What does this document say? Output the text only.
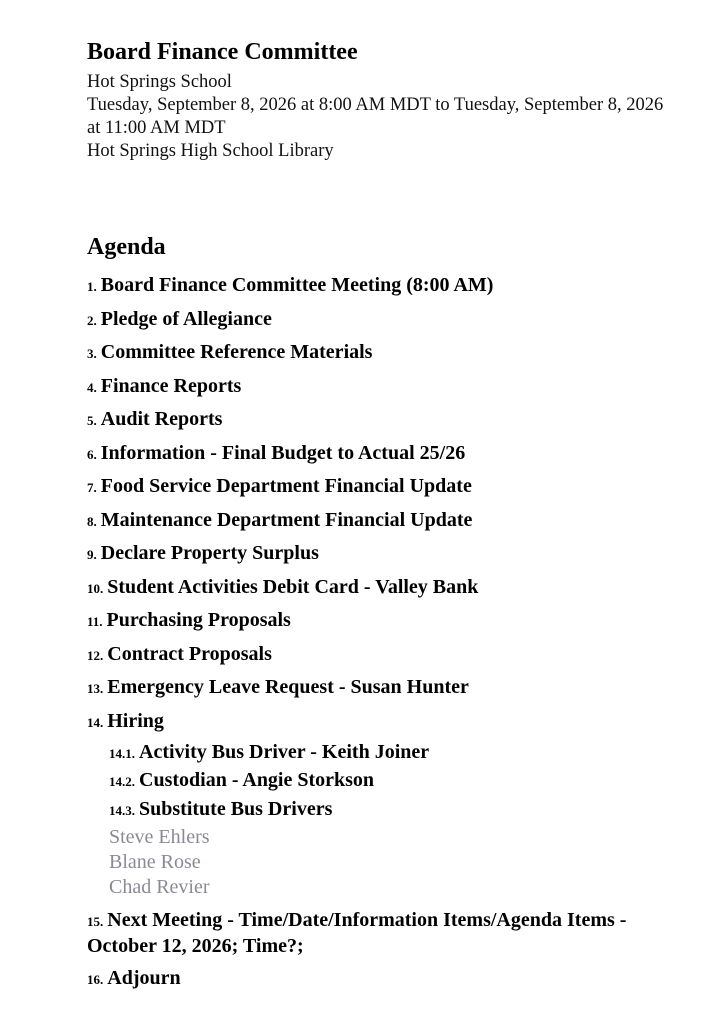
Board Finance Committee
Hot Springs School
Tuesday, September 8, 2026 at 8:00 AM MDT to Tuesday, September 8, 2026 at 11:00 AM MDT
Hot Springs High School Library
Agenda
1. Board Finance Committee Meeting (8:00 AM)
2. Pledge of Allegiance
3. Committee Reference Materials
4. Finance Reports
5. Audit Reports
6. Information - Final Budget to Actual 25/26
7. Food Service Department Financial Update
8. Maintenance Department Financial Update
9. Declare Property Surplus
10. Student Activities Debit Card - Valley Bank
11. Purchasing Proposals
12. Contract Proposals
13. Emergency Leave Request - Susan Hunter
14. Hiring
14.1. Activity Bus Driver - Keith Joiner
14.2. Custodian - Angie Storkson
14.3. Substitute Bus Drivers
Steve Ehlers
Blane Rose
Chad Revier
15. Next Meeting - Time/Date/Information Items/Agenda Items - October 12, 2026; Time?;
16. Adjourn
